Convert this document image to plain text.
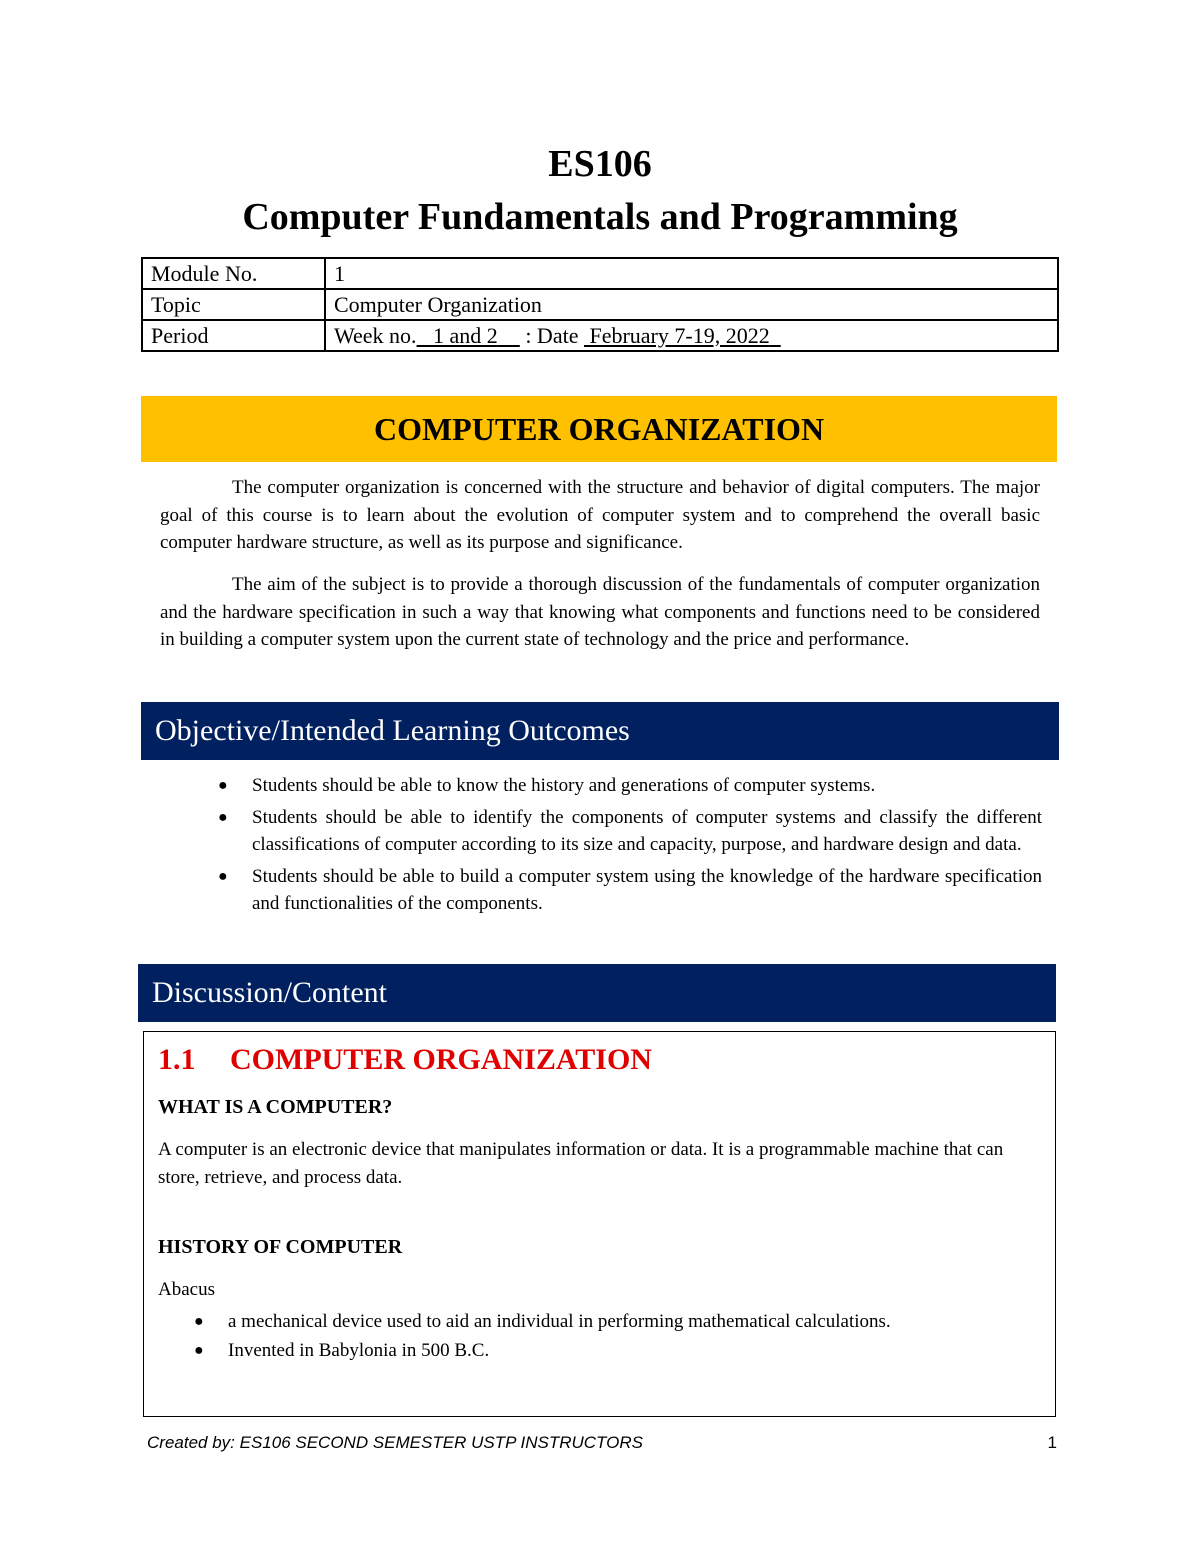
ES106
Computer Fundamentals and Programming
Module No.	1
Topic	Computer Organization
Period	Week no. 1 and 2 : Date February 7-19, 2022
COMPUTER ORGANIZATION

The computer organization is concerned with the structure and behavior of digital computers. The major goal of this course is to learn about the evolution of computer system and to comprehend the overall basic computer hardware structure, as well as its purpose and significance.

The aim of the subject is to provide a thorough discussion of the fundamentals of computer organization and the hardware specification in such a way that knowing what components and functions need to be considered in building a computer system upon the current state of technology and the price and performance.

Objective/Intended Learning Outcomes
● Students should be able to know the history and generations of computer systems.
● Students should be able to identify the components of computer systems and classify the different classifications of computer according to its size and capacity, purpose, and hardware design and data.
● Students should be able to build a computer system using the knowledge of the hardware specification and functionalities of the components.
Discussion/Content
1.1 COMPUTER ORGANIZATION
WHAT IS A COMPUTER?

A computer is an electronic device that manipulates information or data. It is a programmable machine that can store, retrieve, and process data.

HISTORY OF COMPUTER

Abacus

● a mechanical device used to aid an individual in performing mathematical calculations.
● Invented in Babylonia in 500 B.C.
Created by: ES106 SECOND SEMESTER USTP INSTRUCTORS	1
